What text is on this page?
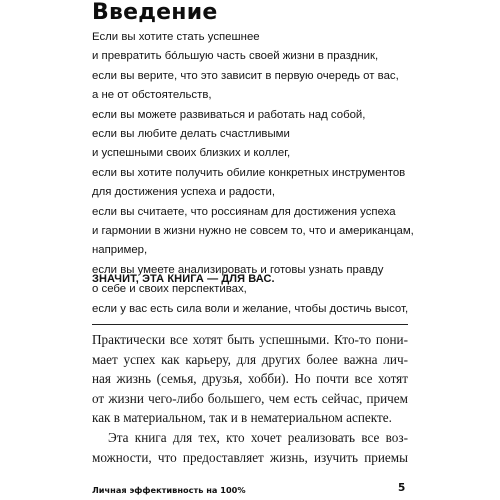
Введение
Если вы хотите стать успешнее
и превратить бóльшую часть своей жизни в праздник,
если вы верите, что это зависит в первую очередь от вас,
а не от обстоятельств,
если вы можете развиваться и работать над собой,
если вы любите делать счастливыми
и успешными своих близких и коллег,
если вы хотите получить обилие конкретных инструментов
для достижения успеха и радости,
если вы считаете, что россиянам для достижения успеха
и гармонии в жизни нужно не совсем то, что и американцам,
например,
если вы умеете анализировать и готовы узнать правду
о себе и своих перспективах,
если у вас есть сила воли и желание, чтобы достичь высот,

ЗНАЧИТ, ЭТА КНИГА — ДЛЯ ВАС.

Практически все хотят быть успешными. Кто-то пони-
мает успех как карьеру, для других более важна лич-
ная жизнь (семья, друзья, хобби). Но почти все хотят
от жизни чего-либо большего, чем есть сейчас, причем
как в материальном, так и в нематериальном аспекте.
Эта книга для тех, кто хочет реализовать все воз-
можности, что предоставляет жизнь, изучить приемы

Личная эффективность на 100%	5
